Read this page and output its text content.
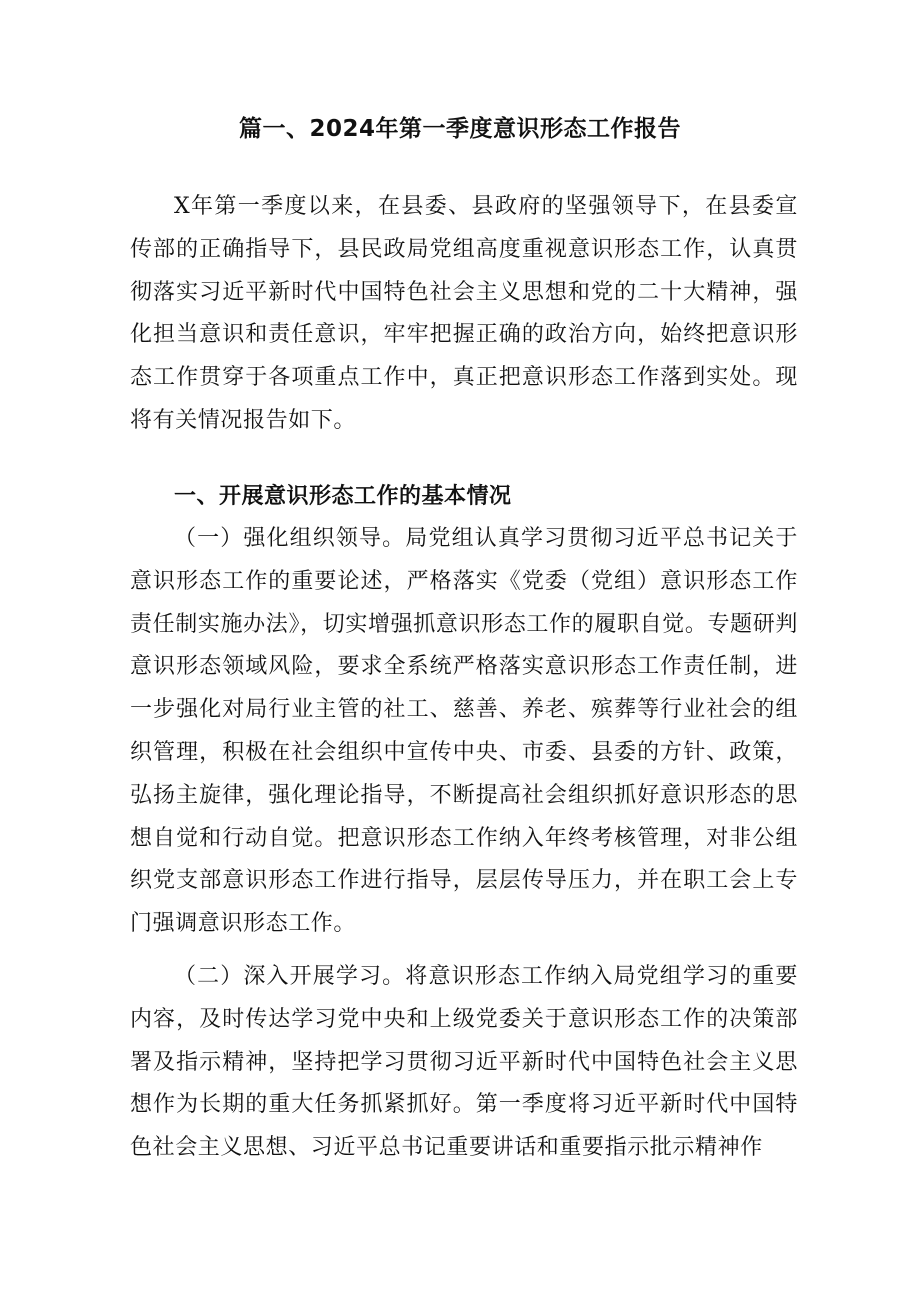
篇一、2024年第一季度意识形态工作报告

X年第一季度以来，在县委、县政府的坚强领导下，在县委宣传部的正确指导下，县民政局党组高度重视意识形态工作，认真贯彻落实习近平新时代中国特色社会主义思想和党的二十大精神，强化担当意识和责任意识，牢牢把握正确的政治方向，始终把意识形态工作贯穿于各项重点工作中，真正把意识形态工作落到实处。现将有关情况报告如下。

一、开展意识形态工作的基本情况

（一）强化组织领导。局党组认真学习贯彻习近平总书记关于意识形态工作的重要论述，严格落实《党委（党组）意识形态工作责任制实施办法》，切实增强抓意识形态工作的履职自觉。专题研判意识形态领域风险，要求全系统严格落实意识形态工作责任制，进一步强化对局行业主管的社工、慈善、养老、殡葬等行业社会的组织管理，积极在社会组织中宣传中央、市委、县委的方针、政策，弘扬主旋律，强化理论指导，不断提高社会组织抓好意识形态的思想自觉和行动自觉。把意识形态工作纳入年终考核管理，对非公组织党支部意识形态工作进行指导，层层传导压力，并在职工会上专门强调意识形态工作。

（二）深入开展学习。将意识形态工作纳入局党组学习的重要内容，及时传达学习党中央和上级党委关于意识形态工作的决策部署及指示精神，坚持把学习贯彻习近平新时代中国特色社会主义思想作为长期的重大任务抓紧抓好。第一季度将习近平新时代中国特色社会主义思想、习近平总书记重要讲话和重要指示批示精神作
